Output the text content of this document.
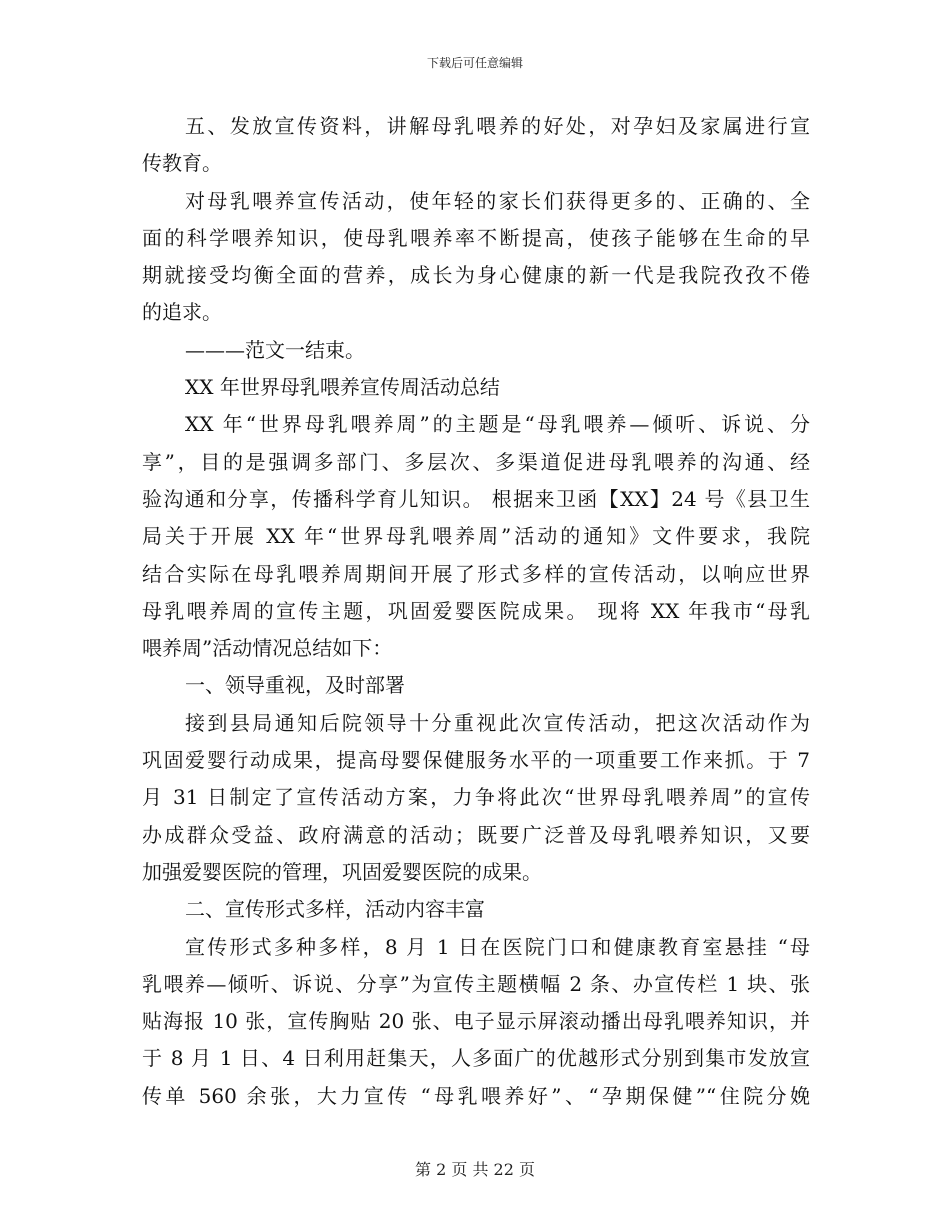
下载后可任意编辑
五、发放宣传资料，讲解母乳喂养的好处，对孕妇及家属进行宣
传教育。
对母乳喂养宣传活动，使年轻的家长们获得更多的、正确的、全
面的科学喂养知识，使母乳喂养率不断提高，使孩子能够在生命的早
期就接受均衡全面的营养，成长为身心健康的新一代是我院孜孜不倦
的追求。
———范文一结束。
XX 年世界母乳喂养宣传周活动总结
XX 年“世界母乳喂养周”的主题是“母乳喂养—倾听、诉说、分
享”，目的是强调多部门、多层次、多渠道促进母乳喂养的沟通、经
验沟通和分享，传播科学育儿知识。 根据来卫函【XX】24 号《县卫生
局关于开展 XX 年“世界母乳喂养周”活动的通知》文件要求，我院
结合实际在母乳喂养周期间开展了形式多样的宣传活动，以响应世界
母乳喂养周的宣传主题，巩固爱婴医院成果。 现将 XX 年我市“母乳
喂养周”活动情况总结如下：
一、领导重视，及时部署
接到县局通知后院领导十分重视此次宣传活动，把这次活动作为
巩固爱婴行动成果，提高母婴保健服务水平的一项重要工作来抓。于 7
月 31 日制定了宣传活动方案，力争将此次“世界母乳喂养周”的宣传
办成群众受益、政府满意的活动；既要广泛普及母乳喂养知识，又要
加强爱婴医院的管理，巩固爱婴医院的成果。
二、宣传形式多样，活动内容丰富
宣传形式多种多样，8 月 1 日在医院门口和健康教育室悬挂 “母
乳喂养—倾听、诉说、分享”为宣传主题横幅 2 条、办宣传栏 1 块、张
贴海报 10 张，宣传胸贴 20 张、电子显示屏滚动播出母乳喂养知识，并
于 8 月 1 日、4 日利用赶集天，人多面广的优越形式分别到集市发放宣
传单 560 余张，大力宣传 “母乳喂养好”、“孕期保健”“住院分娩
第 2 页 共 22 页
